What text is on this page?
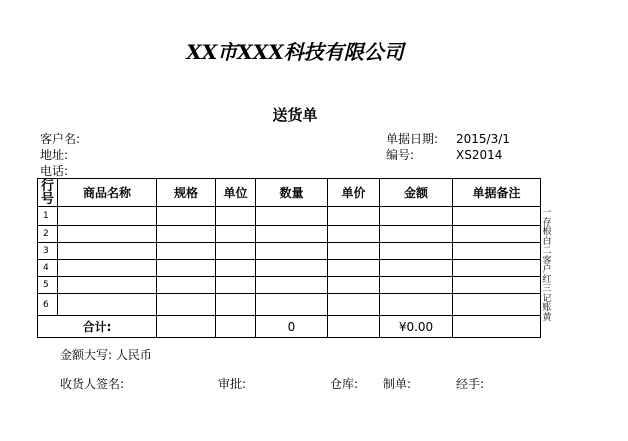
XX市XXX科技有限公司
送货单
客户名:
地址:
电话:
单据日期: 2015/3/1
编号:	XS2014
行号	商品名称	规格	单位	数量	单价	金额	单据备注
1							
2							
3							
4							
5							
6							
合计:				0		¥0.00	
一存根白二客户红三记账黄
金额大写: 人民币
收货人签名:	审批:	仓库: 制单:	经手:
